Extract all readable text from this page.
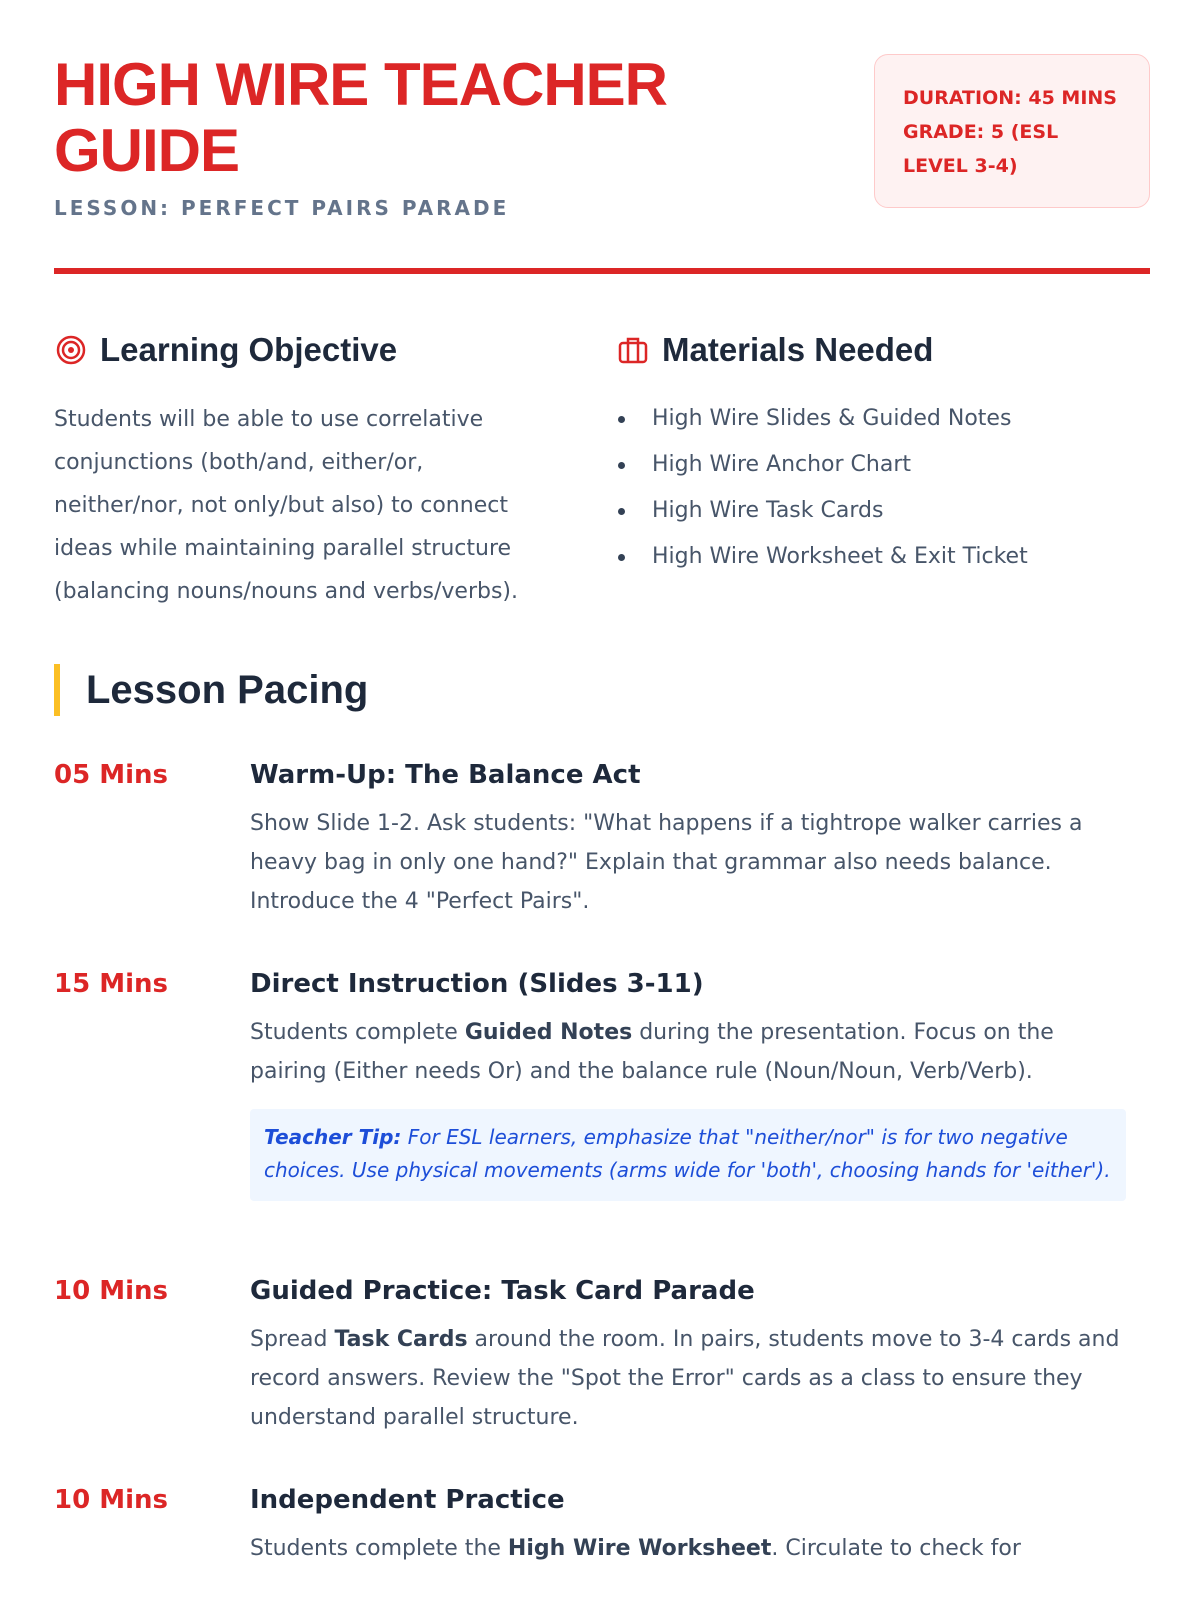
HIGH WIRE TEACHER GUIDE
LESSON: PERFECT PAIRS PARADE
DURATION: 45 MINS
GRADE: 5 (ESL LEVEL 3-4)
Learning Objective

Students will be able to use correlative conjunctions (both/and, either/or, neither/nor, not only/but also) to connect ideas while maintaining parallel structure (balancing nouns/nouns and verbs/verbs).

Materials Needed
High Wire Slides & Guided Notes
High Wire Anchor Chart
High Wire Task Cards
High Wire Worksheet & Exit Ticket
Lesson Pacing
05 Mins	Warm-Up: The Balance Act

Show Slide 1-2. Ask students: "What happens if a tightrope walker carries a heavy bag in only one hand?" Explain that grammar also needs balance. Introduce the 4 "Perfect Pairs".

15 Mins	Direct Instruction (Slides 3-11)

Students complete Guided Notes during the presentation. Focus on the pairing (Either needs Or) and the balance rule (Noun/Noun, Verb/Verb).

Teacher Tip: For ESL learners, emphasize that "neither/nor" is for two negative choices. Use physical movements (arms wide for 'both', choosing hands for 'either').
10 Mins	Guided Practice: Task Card Parade

Spread Task Cards around the room. In pairs, students move to 3-4 cards and record answers. Review the "Spot the Error" cards as a class to ensure they understand parallel structure.

10 Mins	Independent Practice

Students complete the High Wire Worksheet. Circulate to check for
